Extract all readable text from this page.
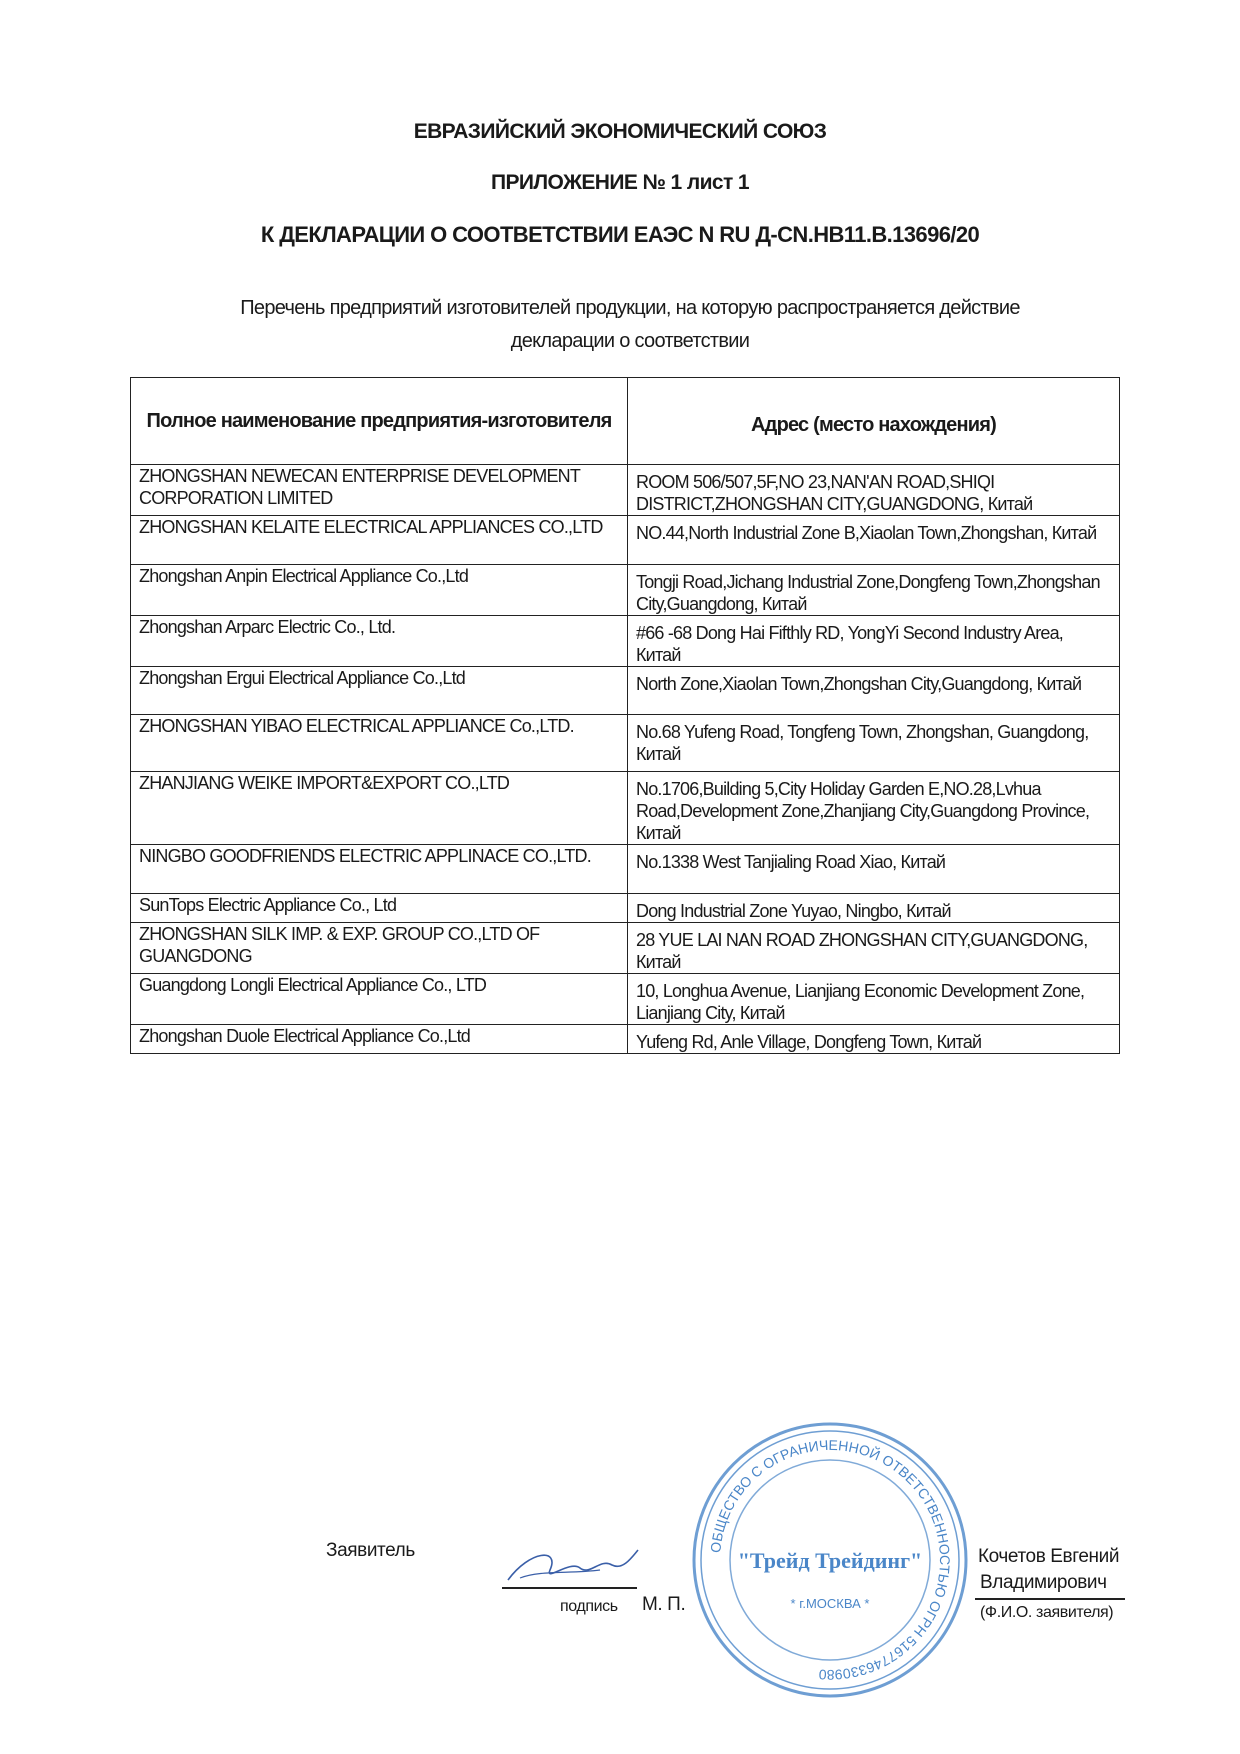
ЕВРАЗИЙСКИЙ ЭКОНОМИЧЕСКИЙ СОЮЗ
ПРИЛОЖЕНИЕ № 1 лист 1
К ДЕКЛАРАЦИИ О СООТВЕТСТВИИ ЕАЭС N RU Д-CN.НВ11.В.13696/20
Перечень предприятий изготовителей продукции, на которую распространяется действие
декларации о соответствии
Полное наименование предприятия-изготовителя	Адрес (место нахождения)
ZHONGSHAN NEWECAN ENTERPRISE DEVELOPMENT CORPORATION LIMITED	ROOM 506/507,5F,NO 23,NAN'AN ROAD,SHIQI DISTRICT,ZHONGSHAN CITY,GUANGDONG, Китай
ZHONGSHAN KELAITE ELECTRICAL APPLIANCES CO.,LTD	NO.44,North Industrial Zone B,Xiaolan Town,Zhongshan, Китай
Zhongshan Anpin Electrical Appliance Co.,Ltd	Tongji Road,Jichang Industrial Zone,Dongfeng Town,Zhongshan City,Guangdong, Китай
Zhongshan Arparc Electric Co., Ltd.	#66 -68 Dong Hai Fifthly RD, YongYi Second Industry Area, Китай
Zhongshan Ergui Electrical Appliance Co.,Ltd	North Zone,Xiaolan Town,Zhongshan City,Guangdong, Китай
ZHONGSHAN YIBAO ELECTRICAL APPLIANCE Co.,LTD.	No.68 Yufeng Road, Tongfeng Town, Zhongshan, Guangdong, Китай
ZHANJIANG WEIKE IMPORT&EXPORT CO.,LTD	No.1706,Building 5,City Holiday Garden E,NO.28,Lvhua Road,Development Zone,Zhanjiang City,Guangdong Province, Китай
NINGBO GOODFRIENDS ELECTRIC APPLINACE CO.,LTD.	No.1338 West Tanjialing Road Xiao, Китай
SunTops Electric Appliance Co., Ltd	Dong Industrial Zone Yuyao, Ningbo, Китай
ZHONGSHAN SILK IMP. & EXP. GROUP CO.,LTD OF GUANGDONG	28 YUE LAI NAN ROAD ZHONGSHAN CITY,GUANGDONG, Китай
Guangdong Longli Electrical Appliance Co., LTD	10, Longhua Avenue, Lianjiang Economic Development Zone, Lianjiang City, Китай
Zhongshan Duole Electrical Appliance Co.,Ltd	Yufeng Rd, Anle Village, Dongfeng Town, Китай
Заявитель
подпись М. П.
ОБЩЕСТВО С ОГРАНИЧЕННОЙ ОТВЕТСТВЕННОСТЬЮ ОГРН 5167746330980
"Трейд Трейдинг"
* г.МОСКВА *
Кочетов Евгений
Владимирович
(Ф.И.О. заявителя)
